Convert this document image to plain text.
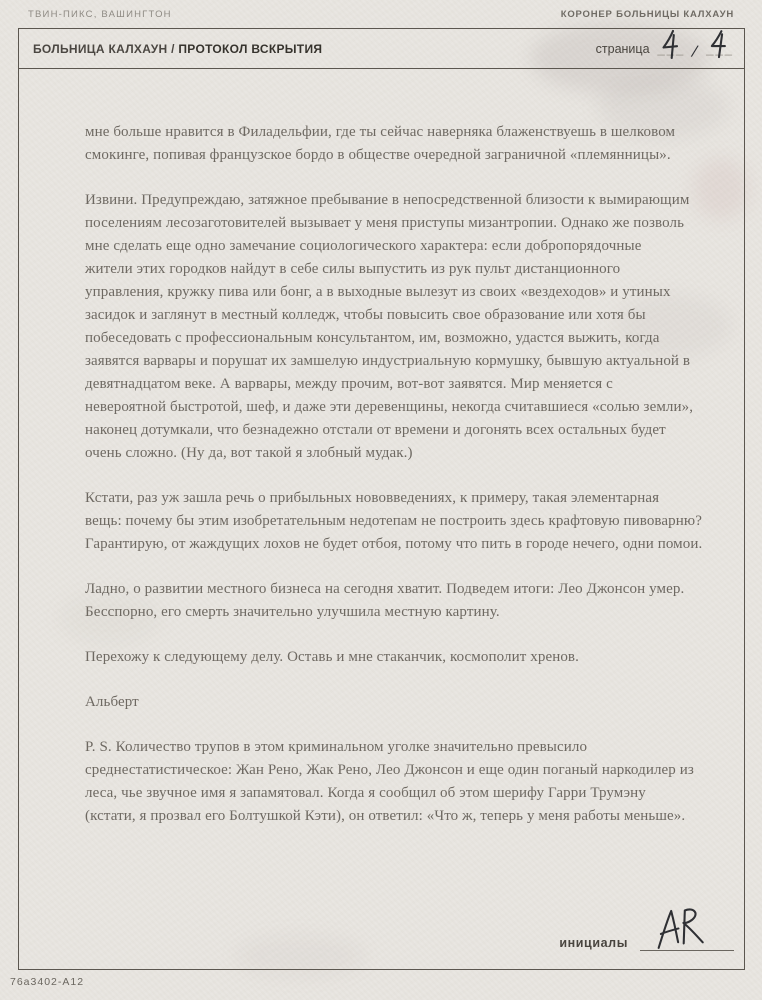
ТВИН-ПИКС, ВАШИНГТОН	КОРОНЕР БОЛЬНИЦЫ КАЛХАУН
БОЛЬНИЦА КАЛХАУН / ПРОТОКОЛ ВСКРЫТИЯ	страница ___ / ___

мне больше нравится в Филадельфии, где ты сейчас наверняка блаженствуешь в шелковом
смокинге, попивая французское бордо в обществе очередной заграничной «племянницы».

Извини. Предупреждаю, затяжное пребывание в непосредственной близости к вымирающим
поселениям лесозаготовителей вызывает у меня приступы мизантропии. Однако же позволь
мне сделать еще одно замечание социологического характера: если добропорядочные
жители этих городков найдут в себе силы выпустить из рук пульт дистанционного
управления, кружку пива или бонг, а в выходные вылезут из своих «вездеходов» и утиных
засидок и заглянут в местный колледж, чтобы повысить свое образование или хотя бы
побеседовать с профессиональным консультантом, им, возможно, удастся выжить, когда
заявятся варвары и порушат их замшелую индустриальную кормушку, бывшую актуальной в
девятнадцатом веке. А варвары, между прочим, вот-вот заявятся. Мир меняется с
невероятной быстротой, шеф, и даже эти деревенщины, некогда считавшиеся «солью земли»,
наконец дотумкали, что безнадежно отстали от времени и догонять всех остальных будет
очень сложно. (Ну да, вот такой я злобный мудак.)

Кстати, раз уж зашла речь о прибыльных нововведениях, к примеру, такая элементарная
вещь: почему бы этим изобретательным недотепам не построить здесь крафтовую пивоварню?
Гарантирую, от жаждущих лохов не будет отбоя, потому что пить в городе нечего, одни помои.

Ладно, о развитии местного бизнеса на сегодня хватит. Подведем итоги: Лео Джонсон умер.
Бесспорно, его смерть значительно улучшила местную картину.

Перехожу к следующему делу. Оставь и мне стаканчик, космополит хренов.

Альберт

P. S. Количество трупов в этом криминальном уголке значительно превысило
среднестатистическое: Жан Рено, Жак Рено, Лео Джонсон и еще один поганый наркодилер из
леса, чье звучное имя я запамятовал. Когда я сообщил об этом шерифу Гарри Трумэну
(кстати, я прозвал его Болтушкой Кэти), он ответил: «Что ж, теперь у меня работы меньше».

инициалы
76a3402-A12
